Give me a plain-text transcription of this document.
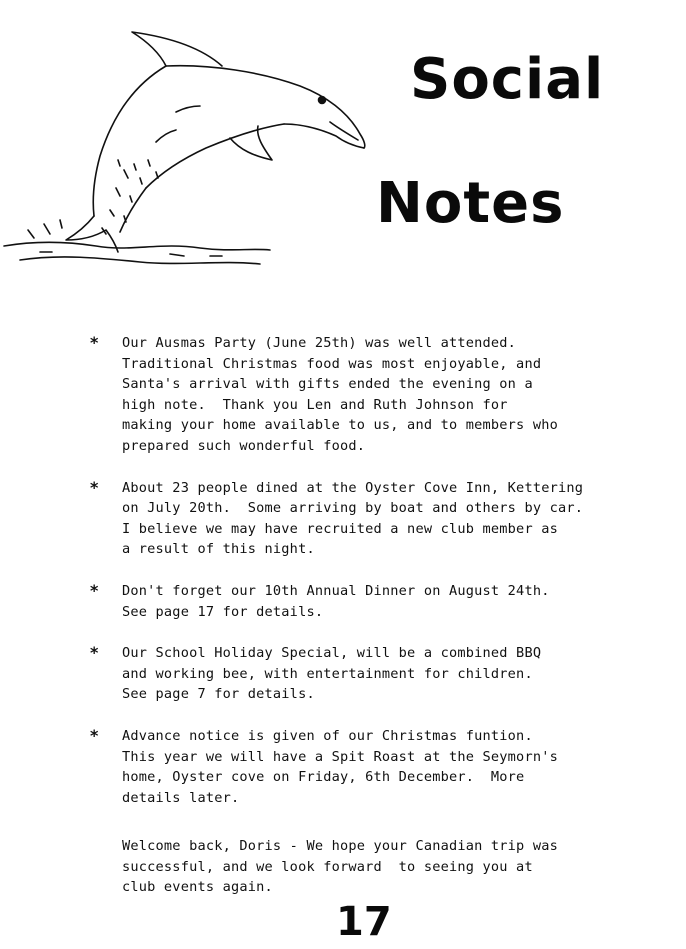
Social
Notes
* Our Ausmas Party (June 25th) was well attended.
Traditional Christmas food was most enjoyable, and
Santa's arrival with gifts ended the evening on a
high note.  Thank you Len and Ruth Johnson for
making your home available to us, and to members who
prepared such wonderful food.
* About 23 people dined at the Oyster Cove Inn, Kettering
on July 20th.  Some arriving by boat and others by car.
I believe we may have recruited a new club member as
a result of this night.
* Don't forget our 10th Annual Dinner on August 24th.
See page 17 for details.
* Our School Holiday Special, will be a combined BBQ
and working bee, with entertainment for children.
See page 7 for details.
* Advance notice is given of our Christmas funtion.
This year we will have a Spit Roast at the Seymorn's
home, Oyster cove on Friday, 6th December.  More
details later.
Welcome back, Doris - We hope your Canadian trip was
successful, and we look forward  to seeing you at
club events again.
17
